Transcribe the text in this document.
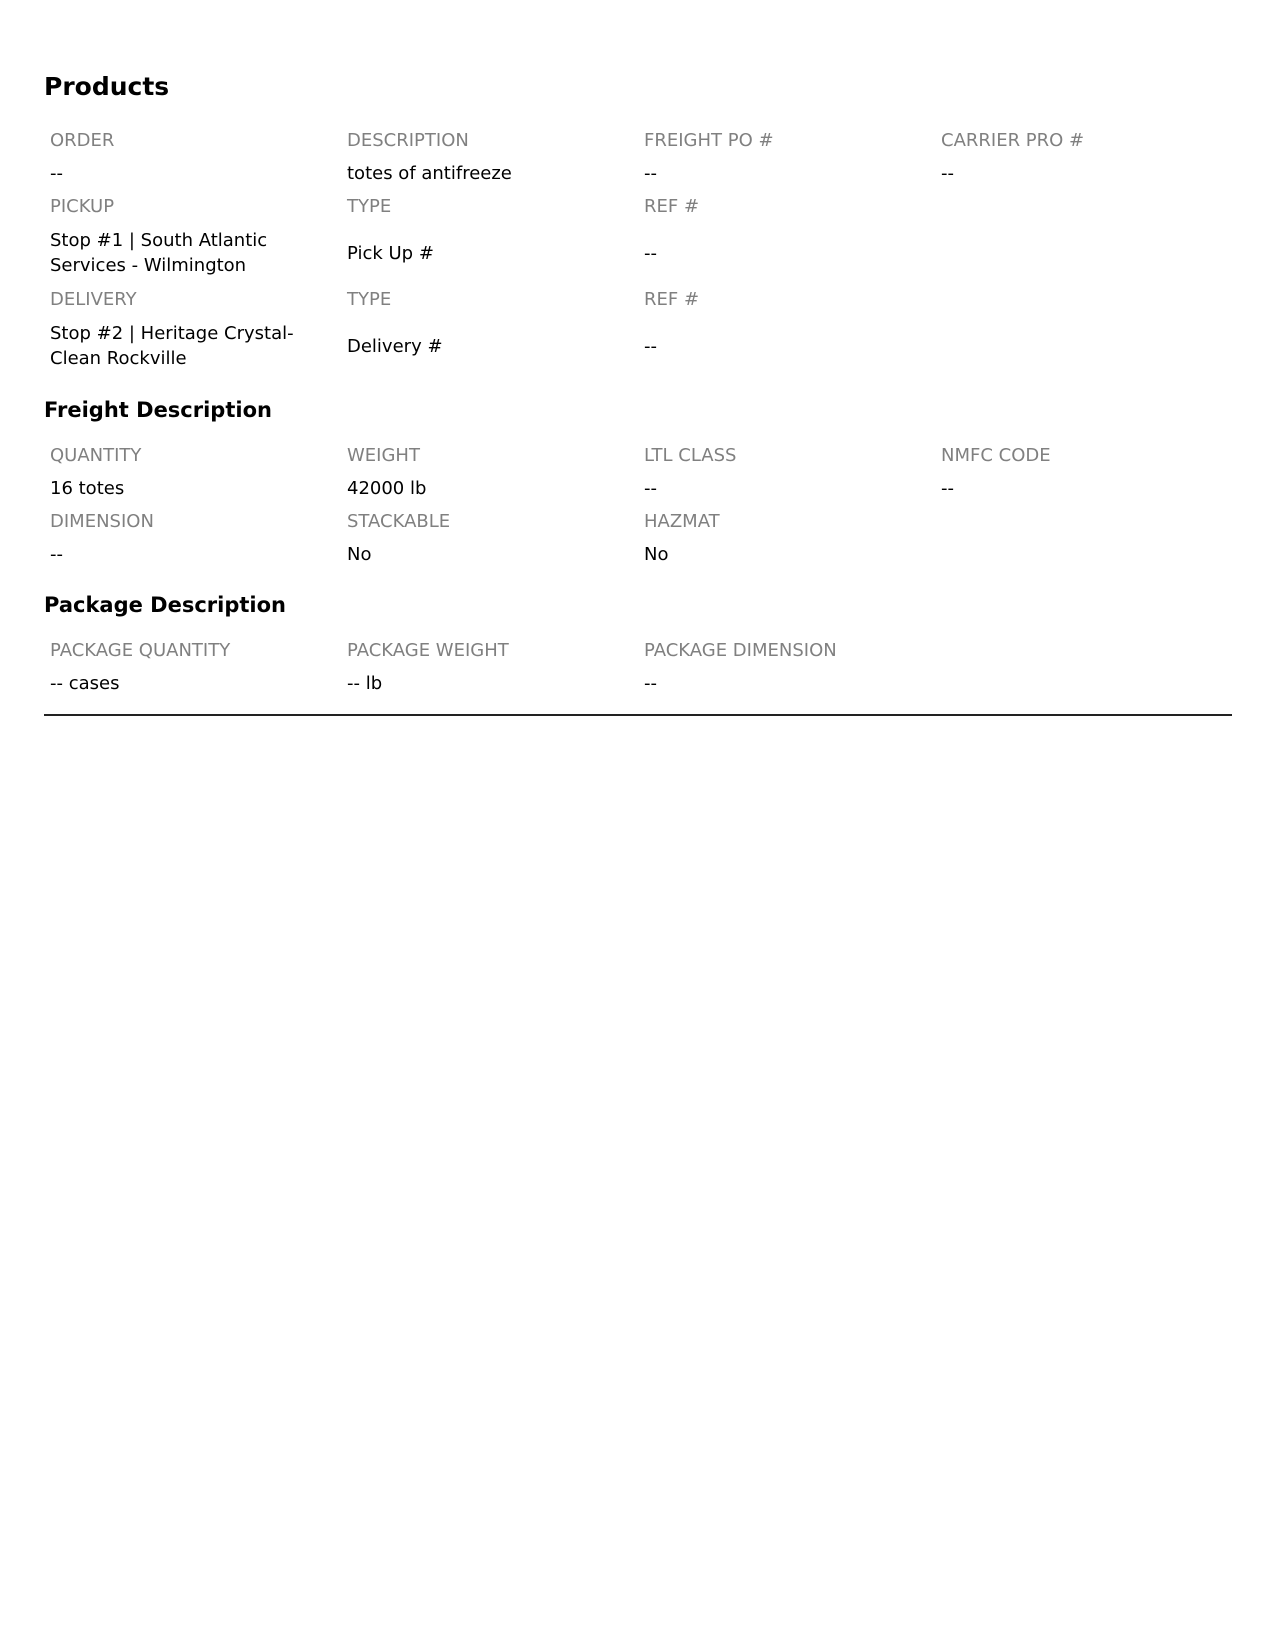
Products
ORDER	DESCRIPTION	FREIGHT PO #	CARRIER PRO #
--	totes of antifreeze	--	--
PICKUP	TYPE	REF #	
Stop #1 | South Atlantic Services - Wilmington	Pick Up #	--	
DELIVERY	TYPE	REF #	
Stop #2 | Heritage Crystal-Clean Rockville	Delivery #	--	
Freight Description
QUANTITY	WEIGHT	LTL CLASS	NMFC CODE
16 totes	42000 lb	--	--
DIMENSION	STACKABLE	HAZMAT	
--	No	No	
Package Description
PACKAGE QUANTITY	PACKAGE WEIGHT	PACKAGE DIMENSION	
-- cases	-- lb	--	
